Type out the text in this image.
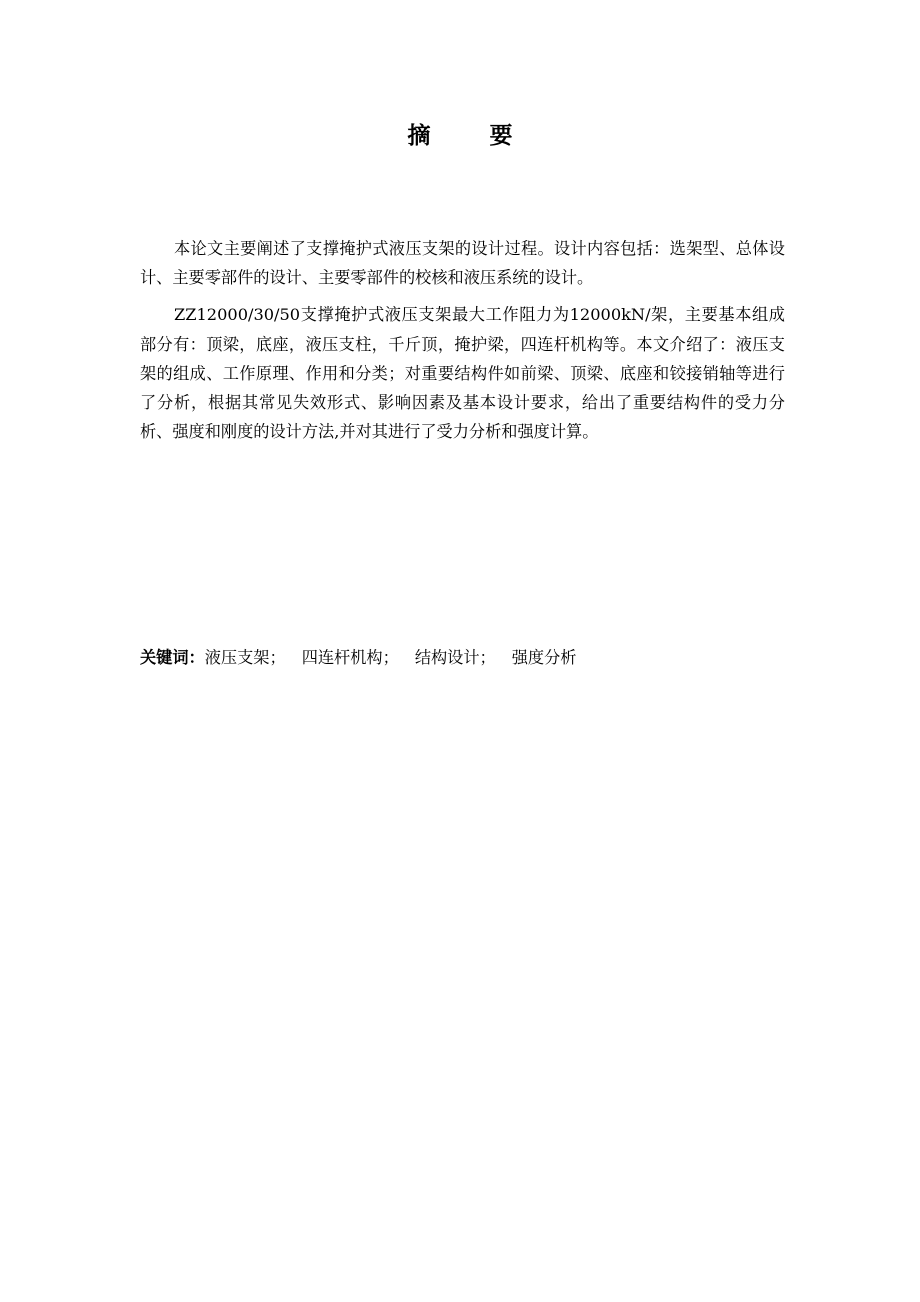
摘　要

本论文主要阐述了支撑掩护式液压支架的设计过程。设计内容包括：选架型、总体设计、主要零部件的设计、主要零部件的校核和液压系统的设计。

ZZ12000/30/50支撑掩护式液压支架最大工作阻力为12000kN/架，主要基本组成部分有：顶梁，底座，液压支柱，千斤顶，掩护梁，四连杆机构等。本文介绍了：液压支架的组成、工作原理、作用和分类；对重要结构件如前梁、顶梁、底座和铰接销轴等进行了分析，根据其常见失效形式、影响因素及基本设计要求，给出了重要结构件的受力分析、强度和刚度的设计方法,并对其进行了受力分析和强度计算。

关键词：液压支架； 四连杆机构； 结构设计； 强度分析
